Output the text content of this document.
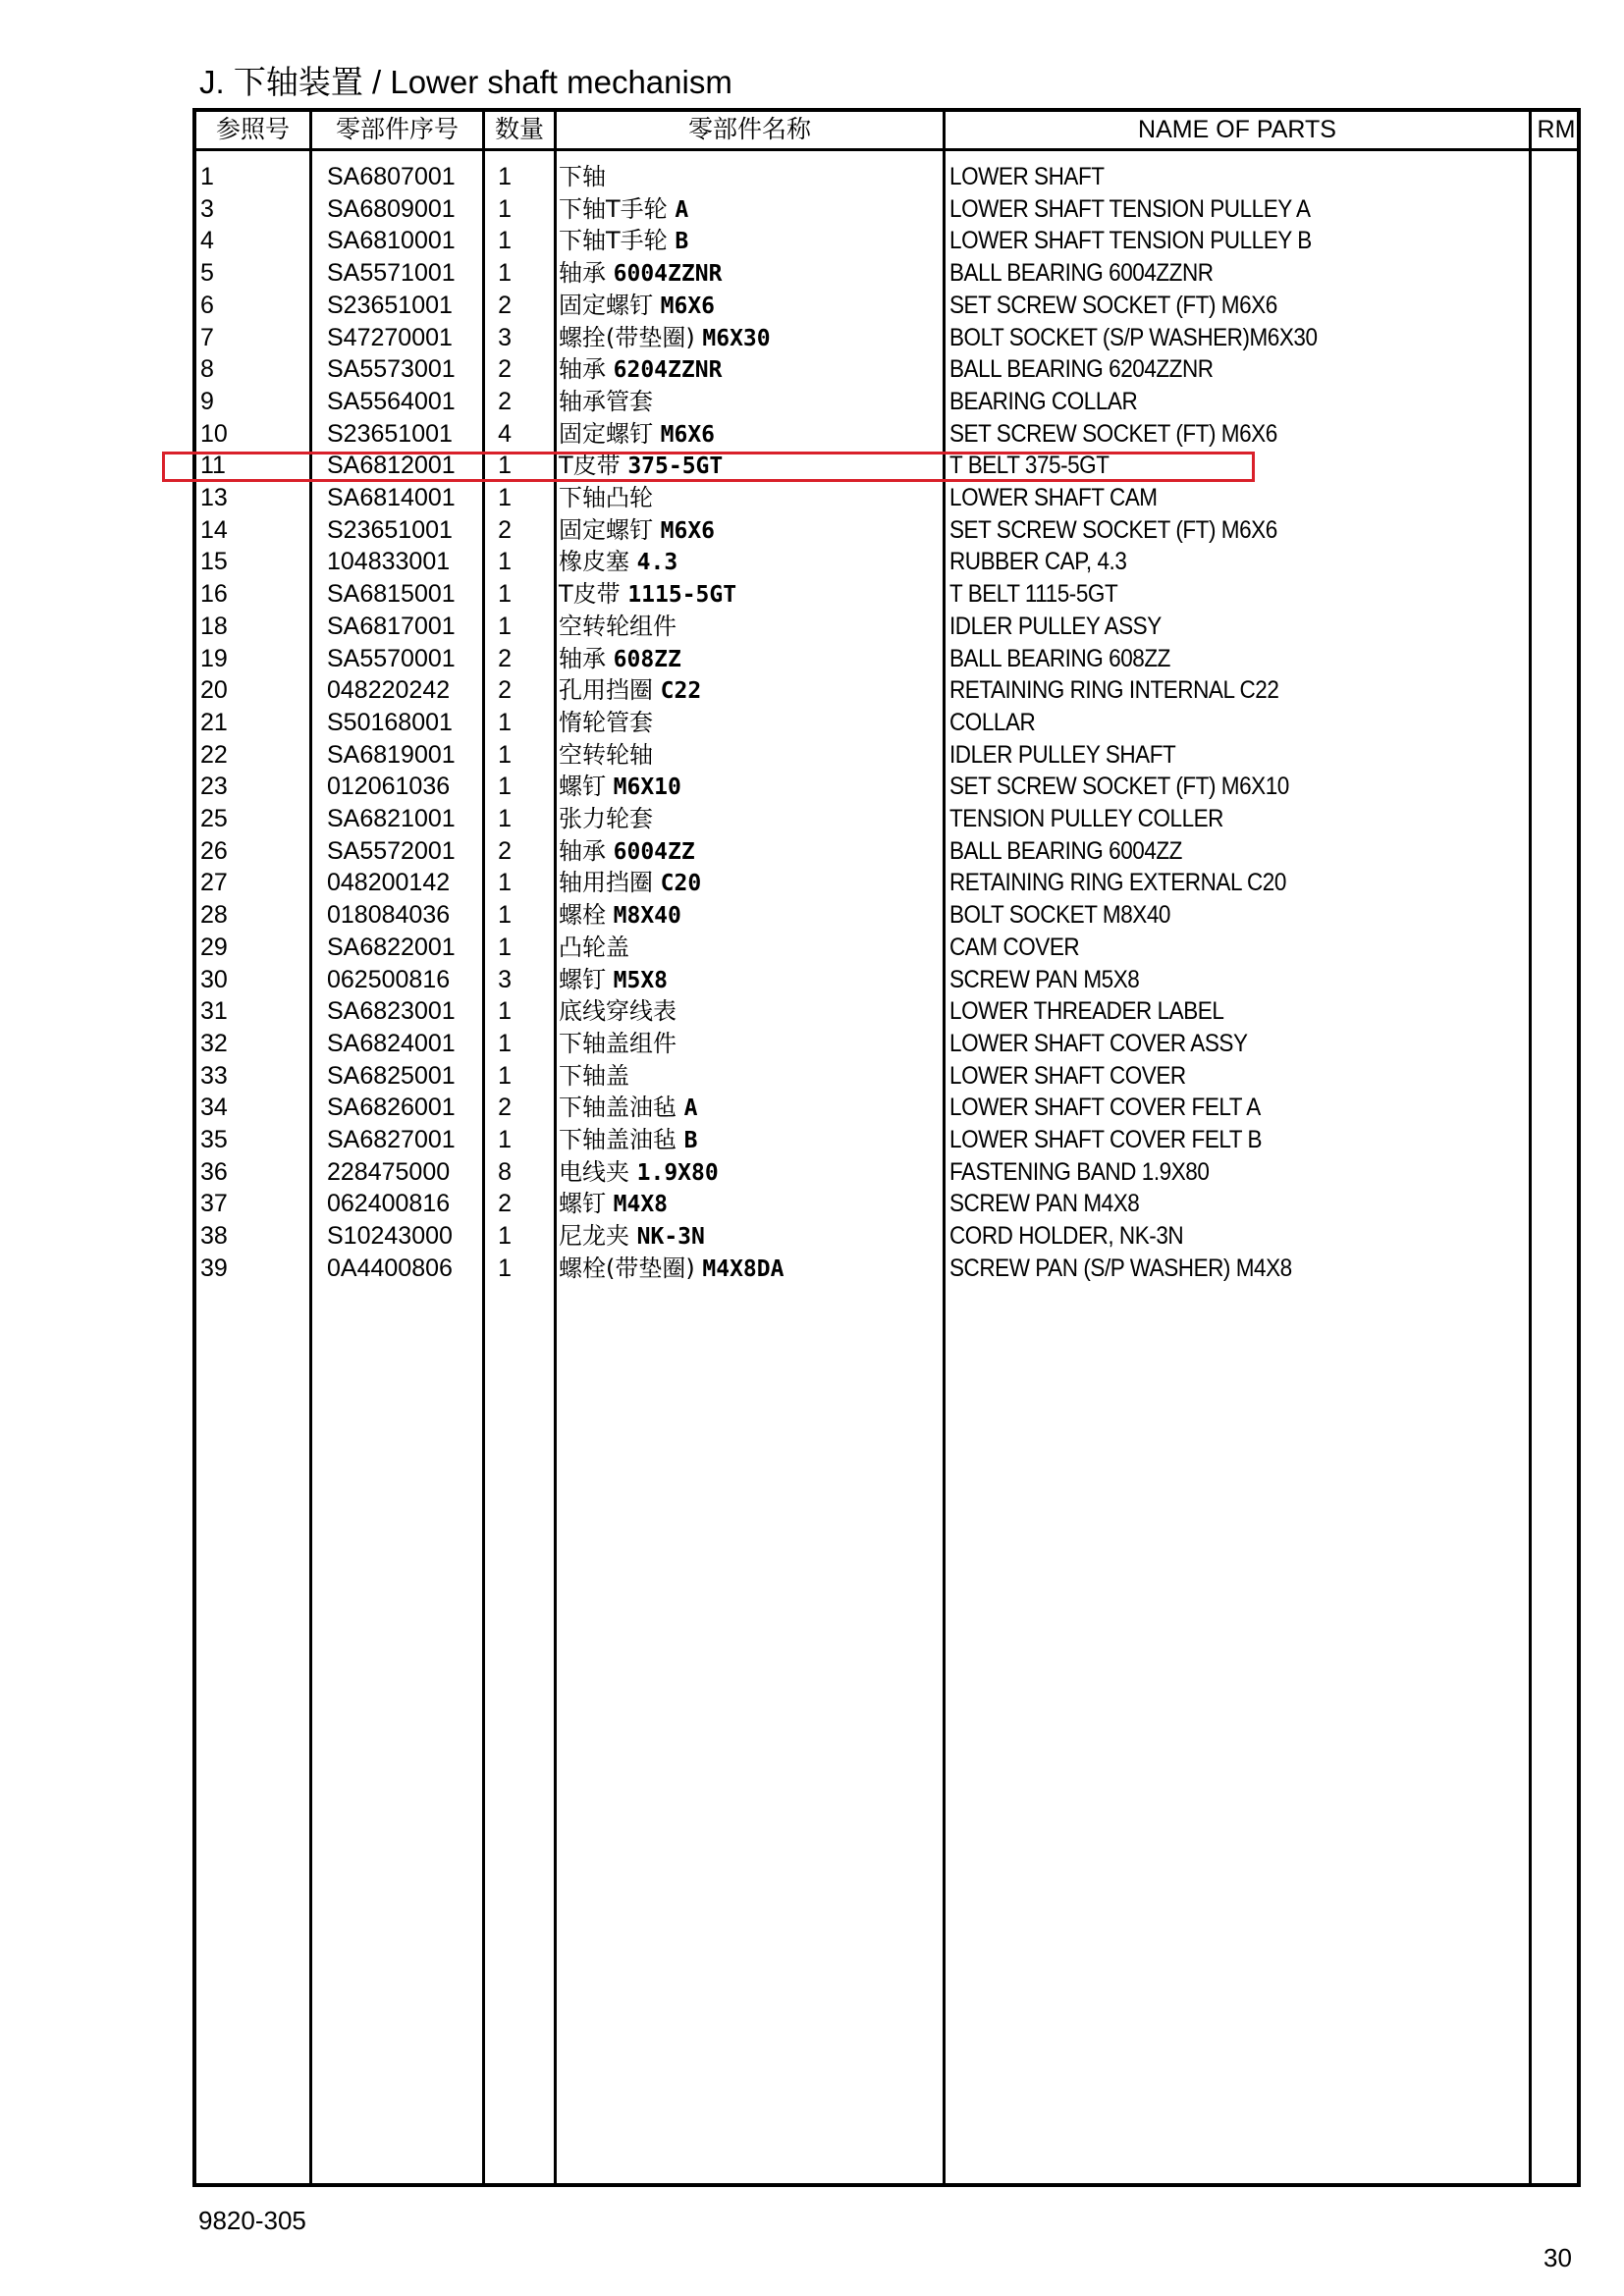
J. 下轴装置 / Lower shaft mechanism
参照号	零部件序号	数量	零部件名称	NAME OF PARTS	RM
1	SA6807001	1 下轴	LOWER SHAFT
3	SA6809001	1 下轴T手轮 A	LOWER SHAFT TENSION PULLEY A
4	SA6810001	1 下轴T手轮 B	LOWER SHAFT TENSION PULLEY B
5	SA5571001	1 轴承 6004ZZNR	BALL BEARING 6004ZZNR
6	S23651001	2 固定螺钉 M6X6	SET SCREW SOCKET (FT) M6X6
7	S47270001	3 螺拴(带垫圈) M6X30	BOLT SOCKET (S/P WASHER)M6X30
8	SA5573001	2 轴承 6204ZZNR	BALL BEARING 6204ZZNR
9	SA5564001	2 轴承管套	BEARING COLLAR
10	S23651001	4 固定螺钉 M6X6	SET SCREW SOCKET (FT) M6X6
11	SA6812001	1 T皮带 375-5GT	T BELT 375-5GT
13	SA6814001	1 下轴凸轮	LOWER SHAFT CAM
14	S23651001	2 固定螺钉 M6X6	SET SCREW SOCKET (FT) M6X6
15	104833001	1 橡皮塞 4.3	RUBBER CAP, 4.3
16	SA6815001	1 T皮带 1115-5GT	T BELT 1115-5GT
18	SA6817001	1 空转轮组件	IDLER PULLEY ASSY
19	SA5570001	2 轴承 608ZZ	BALL BEARING 608ZZ
20	048220242	2 孔用挡圈 C22	RETAINING RING INTERNAL C22
21	S50168001	1 惰轮管套	COLLAR
22	SA6819001	1 空转轮轴	IDLER PULLEY SHAFT
23	012061036	1 螺钉 M6X10	SET SCREW SOCKET (FT) M6X10
25	SA6821001	1 张力轮套	TENSION PULLEY COLLER
26	SA5572001	2 轴承 6004ZZ	BALL BEARING 6004ZZ
27	048200142	1 轴用挡圈 C20	RETAINING RING EXTERNAL C20
28	018084036	1 螺栓 M8X40	BOLT SOCKET M8X40
29	SA6822001	1 凸轮盖	CAM COVER
30	062500816	3 螺钉 M5X8	SCREW PAN M5X8
31	SA6823001	1 底线穿线表	LOWER THREADER LABEL
32	SA6824001	1 下轴盖组件	LOWER SHAFT COVER ASSY
33	SA6825001	1 下轴盖	LOWER SHAFT COVER
34	SA6826001	2 下轴盖油毡 A	LOWER SHAFT COVER FELT A
35	SA6827001	1 下轴盖油毡 B	LOWER SHAFT COVER FELT B
36	228475000	8 电线夹 1.9X80	FASTENING BAND 1.9X80
37	062400816	2 螺钉 M4X8	SCREW PAN M4X8
38	S10243000	1 尼龙夹 NK-3N	CORD HOLDER, NK-3N
39	0A4400806	1 螺栓(带垫圈) M4X8DA	SCREW PAN (S/P WASHER) M4X8
9820-305
30
